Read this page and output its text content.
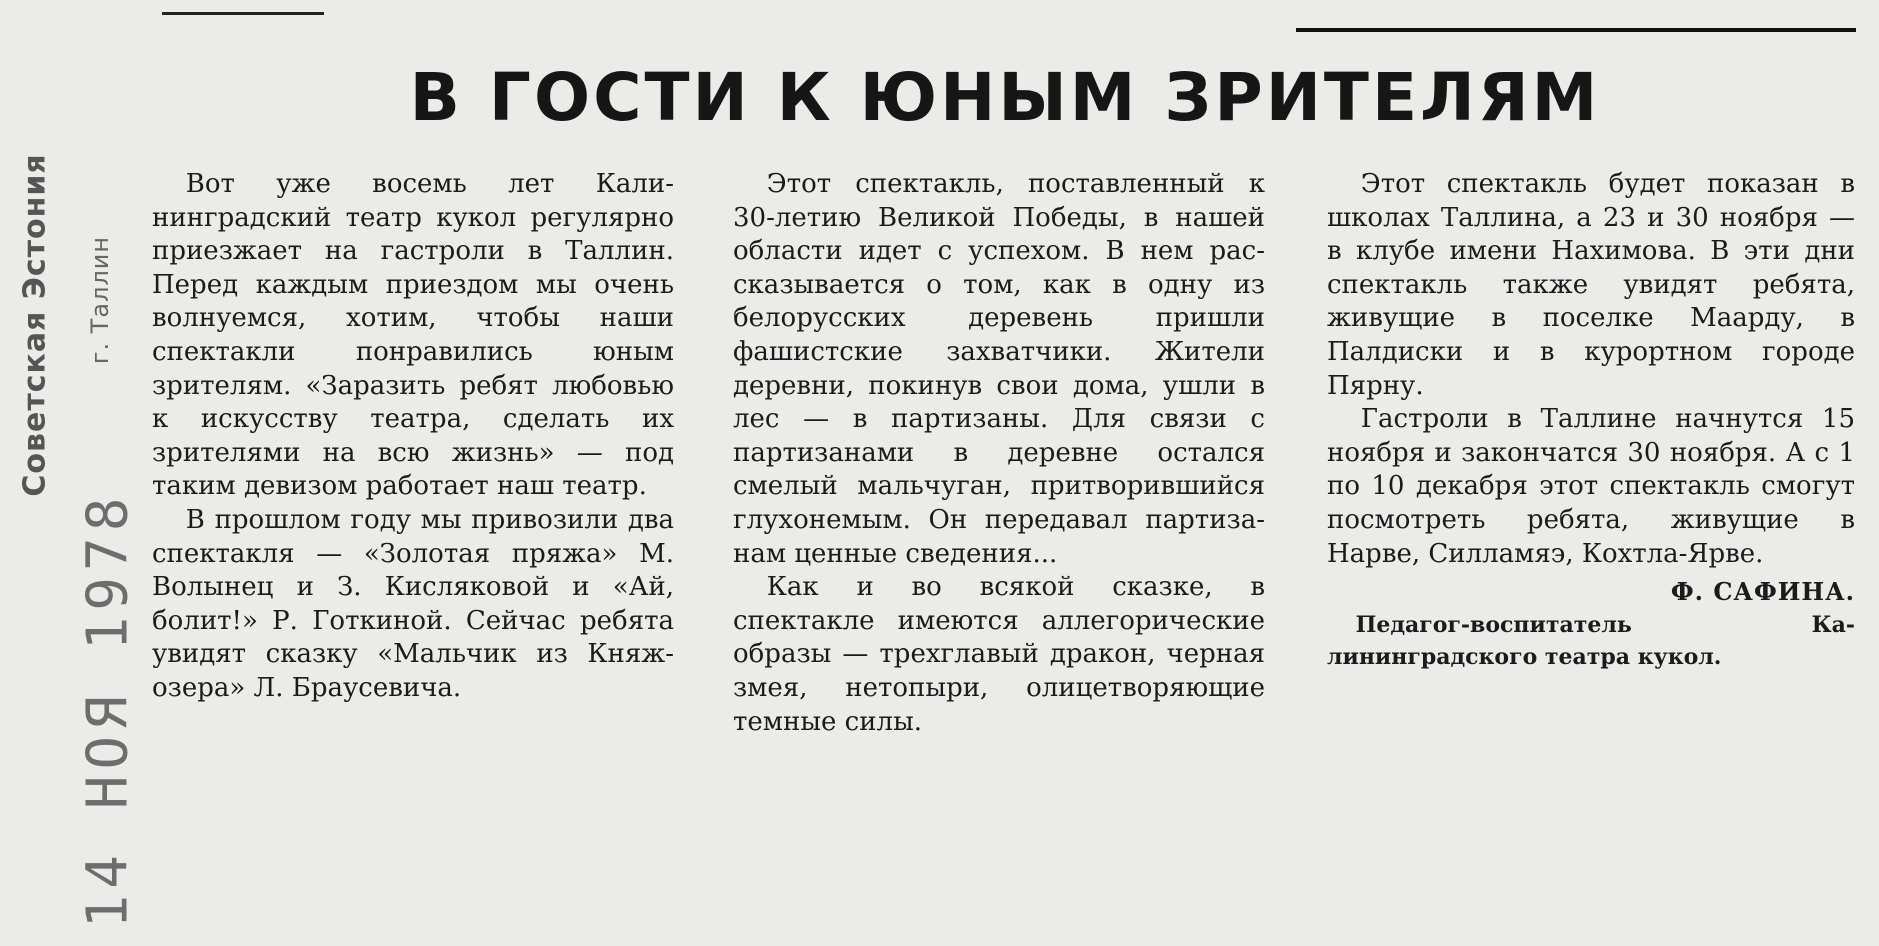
Советская Эстония г. Таллин
14 НОЯ 1978
В ГОСТИ К ЮНЫМ ЗРИТЕЛЯМ

Вот уже восемь лет Калининградский театр кукол регулярно приезжает на гастроли в Таллин. Перед каждым приездом мы очень волнуемся, хотим, чтобы наши спектакли понравились юным зрителям. «Заразить ребят любовью к искусству театра, сделать их зрителями на всю жизнь» — под таким девизом работает наш театр.

В прошлом году мы привозили два спектакля — «Золотая пряжа» М. Волынец и З. Кисляковой и «Ай, болит!» Р. Готкиной. Сейчас ребята увидят сказку «Мальчик из Княж-озера» Л. Браусевича.

Этот спектакль, поставленный к 30-летию Великой Победы, в нашей области идет с успехом. В нем рассказывается о том, как в одну из белорусских деревень пришли фашистские захватчики. Жители деревни, покинув свои дома, ушли в лес — в партизаны. Для связи с партизанами в деревне остался смелый мальчуган, притворившийся глухонемым. Он передавал партизанам ценные сведения...

Как и во всякой сказке, в спектакле имеются аллегорические образы — трехглавый дракон, черная змея, нетопыри, олицетворяющие темные силы.

Этот спектакль будет показан в школах Таллина, а 23 и 30 ноября — в клубе имени Нахимова. В эти дни спектакль также увидят ребята, живущие в поселке Маарду, в Палдиски и в курортном городе Пярну.

Гастроли в Таллине начнутся 15 ноября и закончатся 30 ноября. А с 1 по 10 декабря этот спектакль смогут посмотреть ребята, живущие в Нарве, Силламяэ, Кохтла-Ярве.

Ф. САФИНА.

Педагог-воспитатель Калининградского театра кукол.
